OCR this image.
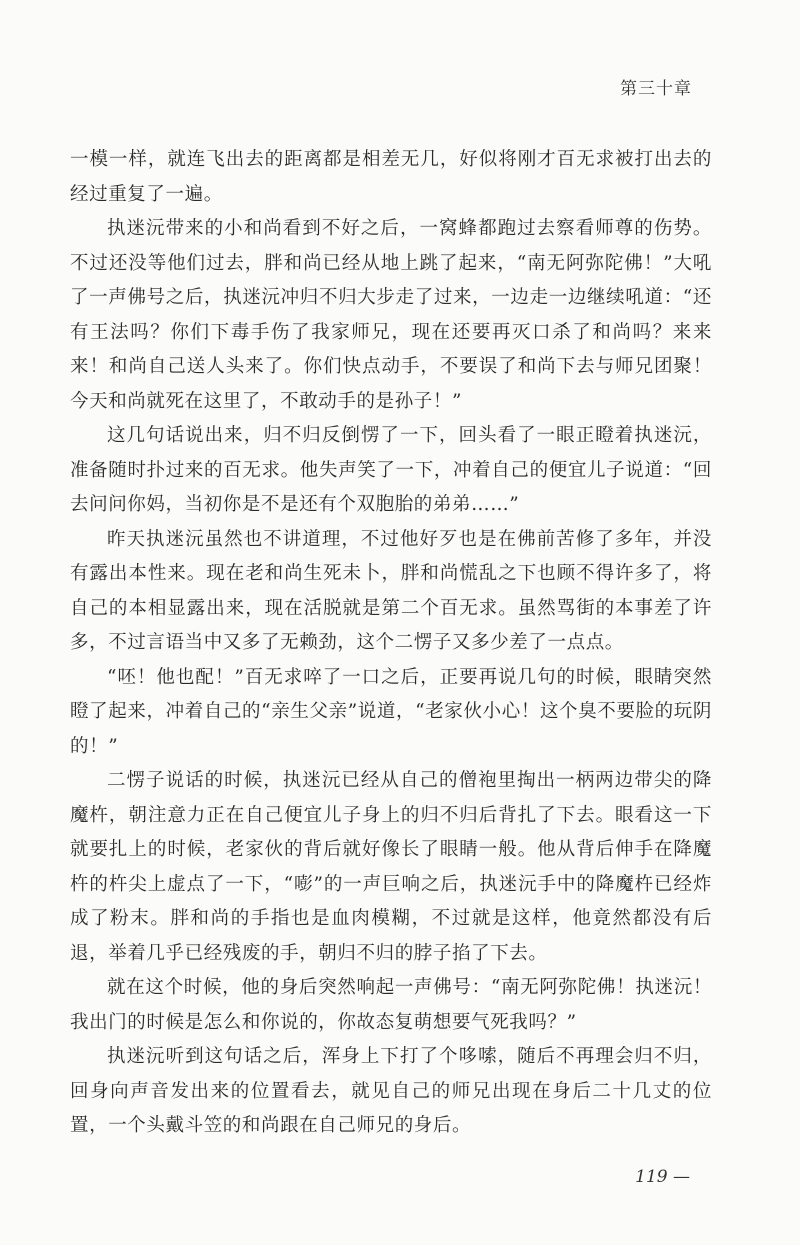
第三十章

一模一样，就连飞出去的距离都是相差无几，好似将刚才百无求被打出去的经过重复了一遍。

执迷沅带来的小和尚看到不好之后，一窝蜂都跑过去察看师尊的伤势。不过还没等他们过去，胖和尚已经从地上跳了起来，“南无阿弥陀佛！”大吼了一声佛号之后，执迷沅冲归不归大步走了过来，一边走一边继续吼道：“还有王法吗？你们下毒手伤了我家师兄，现在还要再灭口杀了和尚吗？来来来！和尚自己送人头来了。你们快点动手，不要误了和尚下去与师兄团聚！今天和尚就死在这里了，不敢动手的是孙子！”

这几句话说出来，归不归反倒愣了一下，回头看了一眼正瞪着执迷沅，准备随时扑过来的百无求。他失声笑了一下，冲着自己的便宜儿子说道：“回去问问你妈，当初你是不是还有个双胞胎的弟弟……”

昨天执迷沅虽然也不讲道理，不过他好歹也是在佛前苦修了多年，并没有露出本性来。现在老和尚生死未卜，胖和尚慌乱之下也顾不得许多了，将自己的本相显露出来，现在活脱就是第二个百无求。虽然骂街的本事差了许多，不过言语当中又多了无赖劲，这个二愣子又多少差了一点点。

“呸！他也配！”百无求啐了一口之后，正要再说几句的时候，眼睛突然瞪了起来，冲着自己的“亲生父亲”说道，“老家伙小心！这个臭不要脸的玩阴的！”

二愣子说话的时候，执迷沅已经从自己的僧袍里掏出一柄两边带尖的降魔杵，朝注意力正在自己便宜儿子身上的归不归后背扎了下去。眼看这一下就要扎上的时候，老家伙的背后就好像长了眼睛一般。他从背后伸手在降魔杵的杵尖上虚点了一下，“嘭”的一声巨响之后，执迷沅手中的降魔杵已经炸成了粉末。胖和尚的手指也是血肉模糊，不过就是这样，他竟然都没有后退，举着几乎已经残废的手，朝归不归的脖子掐了下去。

就在这个时候，他的身后突然响起一声佛号：“南无阿弥陀佛！执迷沅！我出门的时候是怎么和你说的，你故态复萌想要气死我吗？”

执迷沅听到这句话之后，浑身上下打了个哆嗦，随后不再理会归不归，回身向声音发出来的位置看去，就见自己的师兄出现在身后二十几丈的位置，一个头戴斗笠的和尚跟在自己师兄的身后。

119 —
